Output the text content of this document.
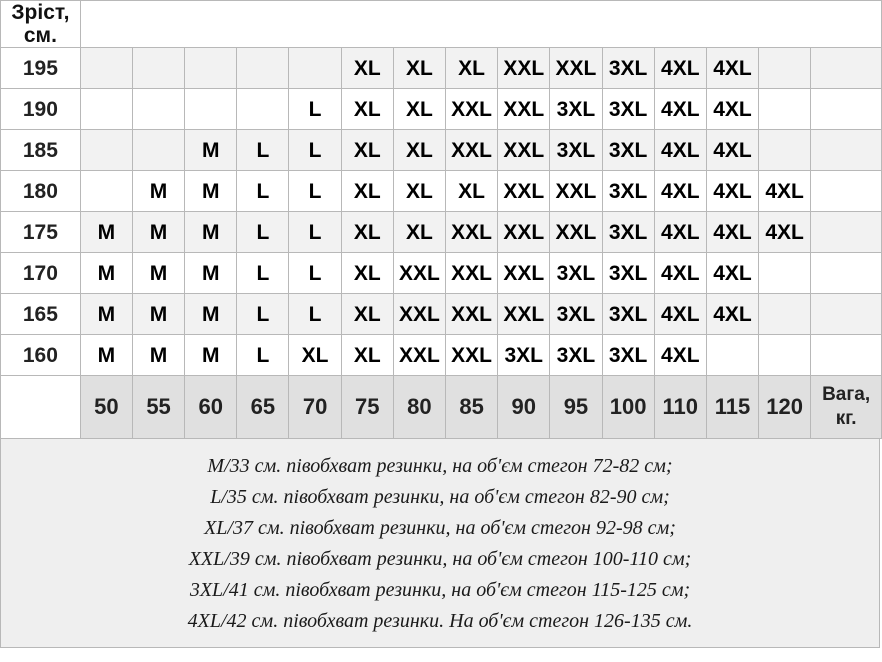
Зріст,
см.															
195						XL	XL	XL	XXL	XXL	3XL	4XL	4XL		
190					L	XL	XL	XXL	XXL	3XL	3XL	4XL	4XL		
185			M	L	L	XL	XL	XXL	XXL	3XL	3XL	4XL	4XL		
180		M	M	L	L	XL	XL	XL	XXL	XXL	3XL	4XL	4XL	4XL	
175	M	M	M	L	L	XL	XL	XXL	XXL	XXL	3XL	4XL	4XL	4XL	
170	M	M	M	L	L	XL	XXL	XXL	XXL	3XL	3XL	4XL	4XL		
165	M	M	M	L	L	XL	XXL	XXL	XXL	3XL	3XL	4XL	4XL		
160	M	M	M	L	XL	XL	XXL	XXL	3XL	3XL	3XL	4XL			
	50	55	60	65	70	75	80	85	90	95	100	110	115	120	Вага,
кг.

M/33 см. півобхват резинки, на об'єм стегон 72-82 см;

L/35 см. півобхват резинки, на об'єм стегон 82-90 см;

XL/37 см. півобхват резинки, на об'єм стегон 92-98 см;

XXL/39 см. півобхват резинки, на об'єм стегон 100-110 см;

3XL/41 см. півобхват резинки, на об'єм стегон 115-125 см;

4XL/42 см. півобхват резинки. На об'єм стегон 126-135 см.
